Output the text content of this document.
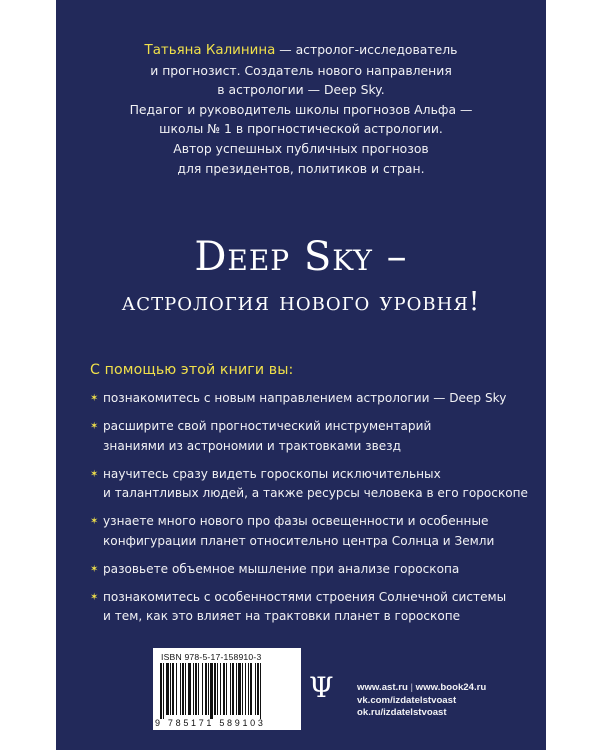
Татьяна Калинина — астролог-исследователь
и прогнозист. Создатель нового направления
в астрологии — Deep Sky.
Педагог и руководитель школы прогнозов Альфа —
школы № 1 в прогностической астрологии.
Автор успешных публичных прогнозов
для президентов, политиков и стран.
Deep Sky –
астрология нового уровня!
С помощью этой книги вы:
✶ познакомитесь с новым направлением астрологии — Deep Sky
✶ расширите свой прогностический инструментарий
знаниями из астрономии и трактовками звезд
✶ научитесь сразу видеть гороскопы исключительных
и талантливых людей, а также ресурсы человека в его гороскопе
✶ узнаете много нового про фазы освещенности и особенные
конфигурации планет относительно центра Солнца и Земли
✶ разовьете объемное мышление при анализе гороскопа
✶ познакомитесь с особенностями строения Солнечной системы
и тем, как это влияет на трактовки планет в гороскопе
ISBN 978-5-17-158910-3
9 785171 589103
Ψ www.ast.ru | www.book24.ru
vk.com/izdatelstvoast
ok.ru/izdatelstvoast
